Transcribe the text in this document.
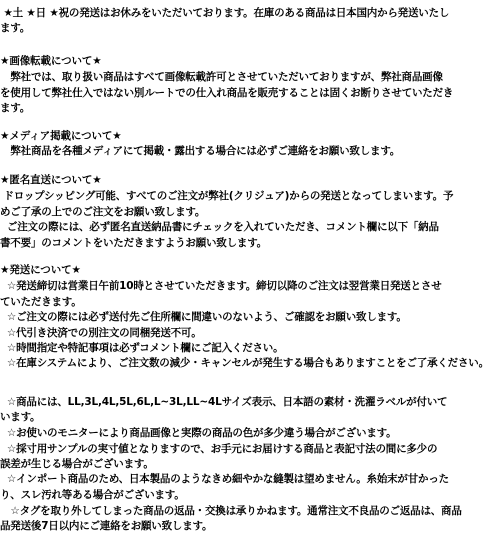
★土 ★日 ★祝の発送はお休みをいただいております。在庫のある商品は日本国内から発送いたし
ます。
★画像転載について★
弊社では、取り扱い商品はすべて画像転載許可とさせていただいておりますが、弊社商品画像
を使用して弊社仕入ではない別ルートでの仕入れ商品を販売することは固くお断りさせていただき
ます。
★メディア掲載について★
弊社商品を各種メディアにて掲載・露出する場合には必ずご連絡をお願い致します。
★匿名直送について★
ドロップシッピング可能、すべてのご注文が弊社(クリジュア)からの発送となってしまいます。予
めご了承の上でのご注文をお願い致します。
ご注文の際には、必ず匿名直送納品書にチェックを入れていただき、コメント欄に以下「納品
書不要」のコメントをいただきますようお願い致します。
★発送について★
☆発送締切は営業日午前10時とさせていただきます。締切以降のご注文は翌営業日発送とさせ
ていただきます。
☆ご注文の際には必ず送付先ご住所欄に間違いのないよう、ご確認をお願い致します。
☆代引き決済での別注文の同梱発送不可。
☆時間指定や特記事項は必ずコメント欄にご記入ください。
☆在庫システムにより、ご注文数の減少・キャンセルが発生する場合もありますことをご了承ください。
☆商品には、LL,3L,4L,5L,6L,L~3L,LL~4Lサイズ表示、日本語の素材・洗濯ラベルが付いて
います。
☆お使いのモニターにより商品画像と実際の商品の色が多少違う場合がございます。
☆採寸用サンプルの実寸値となりますので、お手元にお届けする商品と表記寸法の間に多少の
誤差が生じる場合がございます。
☆インポート商品のため、日本製品のようなきめ細やかな縫製は望めません。糸始末が甘かった
り、スレ汚れ等ある場合がございます。
☆タグを取り外してしまった商品の返品・交換は承りかねます。通常注文不良品のご返品は、商品
品発送後7日以内にご連絡をお願い致します。
